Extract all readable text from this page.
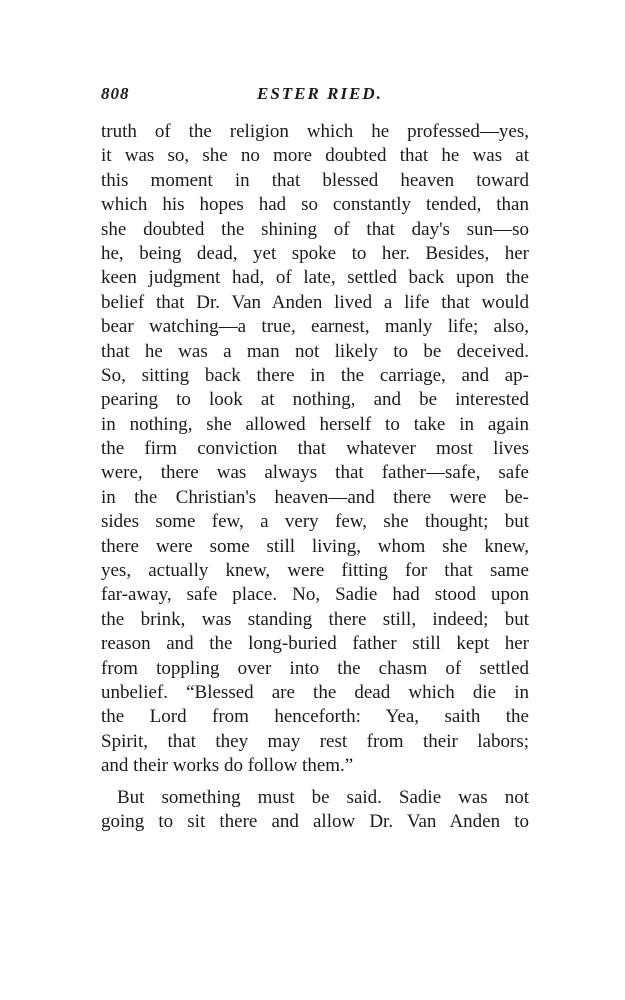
808	ESTER RIED.

truth of the religion which he professed—yes,
it was so, she no more doubted that he was at
this moment in that blessed heaven toward
which his hopes had so constantly tended, than
she doubted the shining of that day's sun—so
he, being dead, yet spoke to her. Besides, her
keen judgment had, of late, settled back upon the
belief that Dr. Van Anden lived a life that would
bear watching—a true, earnest, manly life; also,
that he was a man not likely to be deceived.
So, sitting back there in the carriage, and ap-
pearing to look at nothing, and be interested
in nothing, she allowed herself to take in again
the firm conviction that whatever most lives
were, there was always that father—safe, safe
in the Christian's heaven—and there were be-
sides some few, a very few, she thought; but
there were some still living, whom she knew,
yes, actually knew, were fitting for that same
far-away, safe place. No, Sadie had stood upon
the brink, was standing there still, indeed; but
reason and the long-buried father still kept her
from toppling over into the chasm of settled
unbelief. “Blessed are the dead which die in
the Lord from henceforth: Yea, saith the
Spirit, that they may rest from their labors;
and their works do follow them.”

But something must be said. Sadie was not
going to sit there and allow Dr. Van Anden to
